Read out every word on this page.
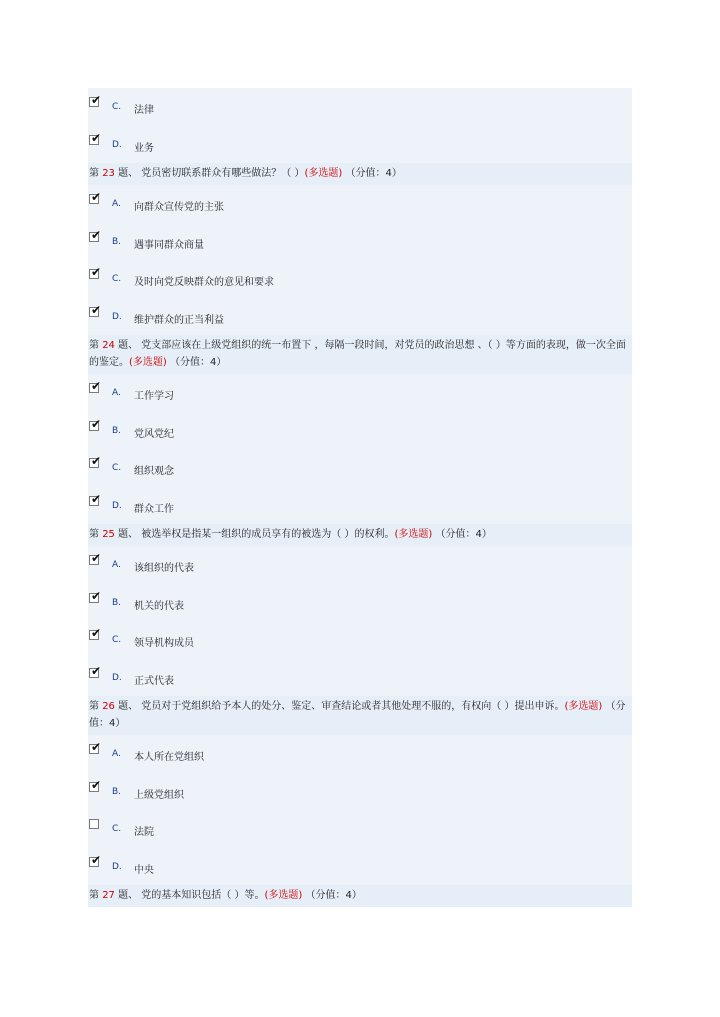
✔ C. 法律
✔ D. 业务
第 23 题、 党员密切联系群众有哪些做法？（ ）(多选题) （分值：4）
✔ A. 向群众宣传党的主张
✔ B. 遇事同群众商量
✔ C. 及时向党反映群众的意见和要求
✔ D. 维护群众的正当利益
第 24 题、 党支部应该在上级党组织的统一布置下 ，每隔一段时间，对党员的政治思想 、（ ）等方面的表现，做一次全面的鉴定。(多选题) （分值：4）
✔ A. 工作学习
✔ B. 党风党纪
✔ C. 组织观念
✔ D. 群众工作
第 25 题、 被选举权是指某一组织的成员享有的被选为（ ）的权利。(多选题) （分值：4）
✔ A. 该组织的代表
✔ B. 机关的代表
✔ C. 领导机构成员
✔ D. 正式代表
第 26 题、 党员对于党组织给予本人的处分、鉴定、审查结论或者其他处理不服的，有权向（ ）提出申诉。(多选题) （分值：4）
✔ A. 本人所在党组织
✔ B. 上级党组织
C. 法院
✔ D. 中央
第 27 题、 党的基本知识包括（ ）等。(多选题) （分值：4）
